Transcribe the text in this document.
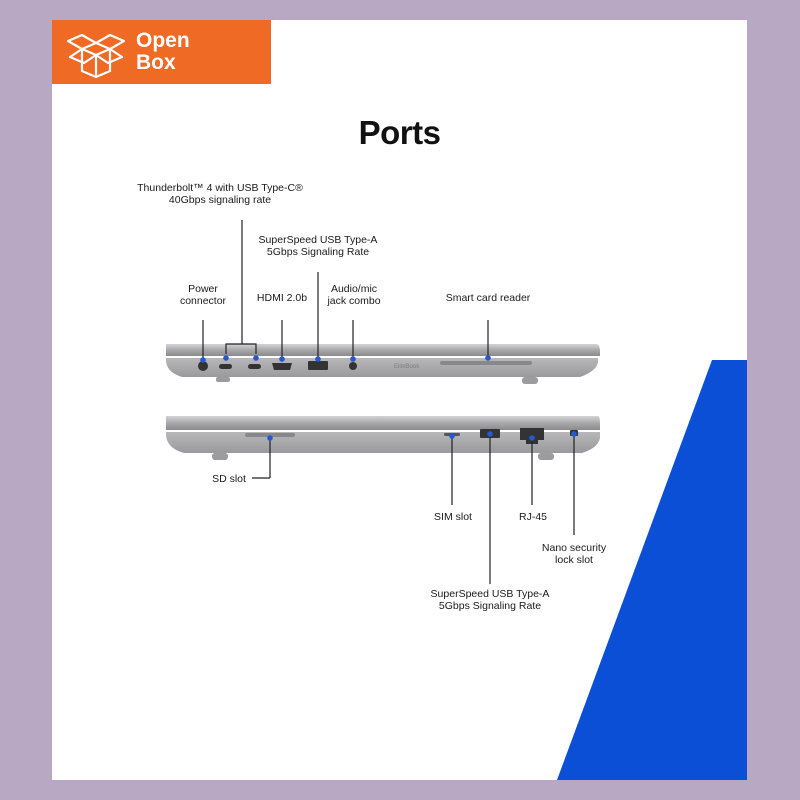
Open
Box
Ports
EliteBook
Thunderbolt™ 4 with USB Type-C®
40Gbps signaling rate
SuperSpeed USB Type-A
5Gbps Signaling Rate
Power
connector	HDMI 2.0b
Audio/mic
jack combo	Smart card reader
SD slot
SIM slot	RJ-45
Nano security
lock slot
SuperSpeed USB Type-A
5Gbps Signaling Rate
